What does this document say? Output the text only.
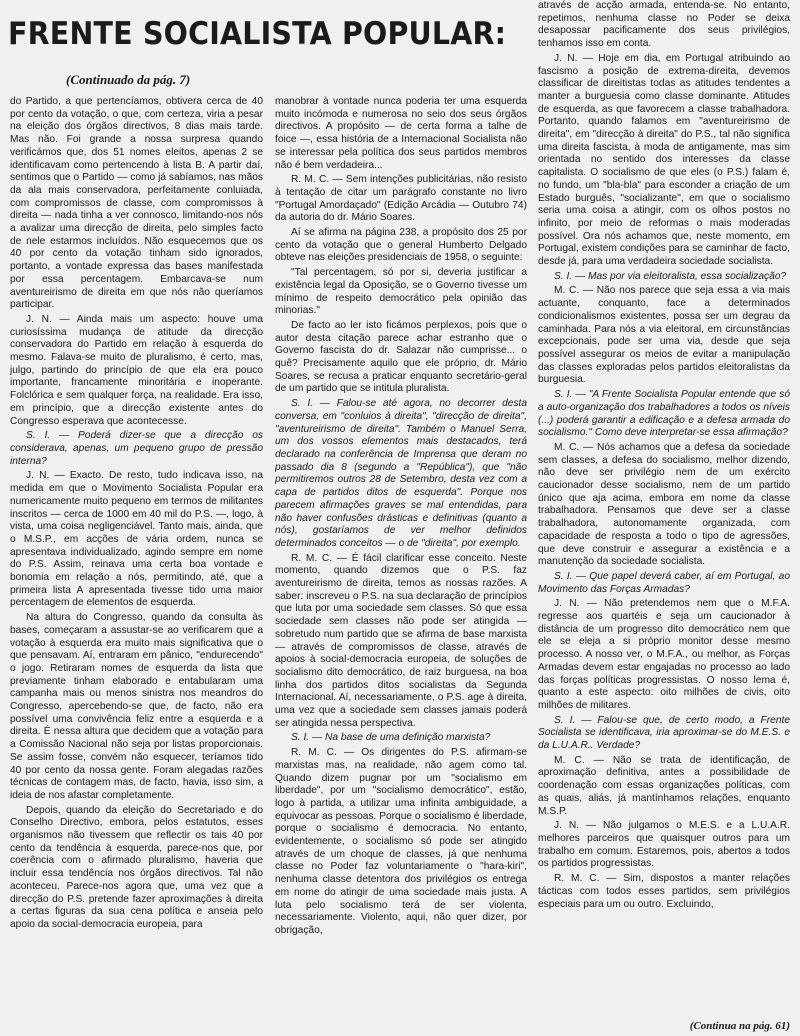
FRENTE SOCIALISTA POPULAR:
(Continuado da pág. 7)

do Partido, a que pertencíamos, obtivera cerca de 40 por cento da votação, o que, com certeza, viria a pesar na eleição dos órgãos directivos, 8 dias mais tarde. Mas não. Foi grande a nossa surpresa quando verificámos que, dos 51 nomes eleitos, apenas 2 se identificavam como pertencendo à lista B. A partir daí, sentimos que o Partido — como já sabíamos, nas mãos da ala mais conservadora, perfeitamente conluiada, com compromissos de classe, com compromissos à direita — nada tinha a ver connosco, limitando-nos nós a avalizar uma direcção de direita, pelo simples facto de nele estarmos incluídos. Não esquecemos que os 40 por cento da votação tinham sido ignorados, portanto, a vontade expressa das bases manifestada por essa percentagem. Embarcava-se num aventureirismo de direita em que nós não queríamos participar.

J. N. — Ainda mais um aspecto: houve uma curiosíssima mudança de atitude da direcção conservadora do Partido em relação à esquerda do mesmo. Falava-se muito de pluralismo, é certo, mas, julgo, partindo do princípio de que ela era pouco importante, francamente minoritária e inoperante. Folclórica e sem qualquer força, na realidade. Era isso, em princípio, que a direcção existente antes do Congresso esperava que acontecesse.

S. I. — Poderá dizer-se que a direcção os considerava, apenas, um pequeno grupo de pressão interna?

J. N. — Exacto. De resto, tudo indicava isso, na medida em que o Movimento Socialista Popular era numericamente muito pequeno em termos de militantes inscritos — cerca de 1000 em 40 mil do P.S. —, logo, à vista, uma coisa negligenciável. Tanto mais, ainda, que o M.S.P., em acções de vária ordem, nunca se apresentava individualizado, agindo sempre em nome do P.S. Assim, reinava uma certa boa vontade e bonomia em relação a nós, permitindo, até, que a primeira lista A apresentada tivesse tido uma maior percentagem de elementos de esquerda.

Na altura do Congresso, quando da consulta às bases, começaram a assustar-se ao verificarem que a votação à esquerda era muito mais significativa que o que pensavam. Aí, entraram em pânico, "endurecendo" o jogo. Retiraram nomes de esquerda da lista que previamente tinham elaborado e entabularam uma campanha mais ou menos sinistra nos meandros do Congresso, apercebendo-se que, de facto, não era possível uma convivência feliz entre a esquerda e a direita. É nessa altura que decidem que a votação para a Comissão Nacional não seja por listas proporcionais. Se assim fosse, convém não esquecer, teríamos tido 40 por cento da nossa gente. Foram alegadas razões técnicas de contagem mas, de facto, havia, isso sim, a ideia de nos afastar completamente.

Depois, quando da eleição do Secretariado e do Conselho Directivo, embora, pelos estatutos, esses organismos não tivessem que reflectir os tais 40 por cento da tendência à esquerda, parece-nos que, por coerência com o afirmado pluralismo, haveria que incluir essa tendência nos órgãos directivos. Tal não aconteceu. Parece-nos agora que, uma vez que a direcção do P.S. pretende fazer aproximações à direita a certas figuras da sua cena política e anseia pelo apoio da social-democracia europeia, para

manobrar à vontade nunca poderia ter uma esquerda muito incómoda e numerosa no seio dos seus órgãos directivos. A propósito — de certa forma a talhe de foice —, essa história de a Internacional Socialista não se interessar pela política dos seus partidos membros não é bem verdadeira...

R. M. C. — Sem intenções publicitárias, não resisto à tentação de citar um parágrafo constante no livro "Portugal Amordaçado" (Edição Arcádia — Outubro 74) da autoria do dr. Mário Soares.

Aí se afirma na página 238, a propósito dos 25 por cento da votação que o general Humberto Delgado obteve nas eleições presidenciais de 1958, o seguinte:

"Tal percentagem, só por si, deveria justificar a existência legal da Oposição, se o Governo tivesse um mínimo de respeito democrático pela opinião das minorias."

De facto ao ler isto ficámos perplexos, pois que o autor desta citação parece achar estranho que o Governo fascista do dr. Salazar não cumprisse... o quê? Precisamente aquilo que ele próprio, dr. Mário Soares, se recusa a praticar enquanto secretário-geral de um partido que se intitula pluralista.

S. I. — Falou-se até agora, no decorrer desta conversa, em "conluios à direita", "direcção de direita", "aventureirismo de direita". Também o Manuel Serra, um dos vossos elementos mais destacados, terá declarado na conferência de Imprensa que deram no passado dia 8 (segundo a "República"), que "não permitiremos outros 28 de Setembro, desta vez com a capa de partidos ditos de esquerda". Porque nos parecem afirmações graves se mal entendidas, para não haver confusões drásticas e definitivas (quanto a nós), gostaríamos de ver melhor definidos determinados conceitos — o de "direita", por exemplo.

R. M. C. — É fácil clarificar esse conceito. Neste momento, quando dizemos que o P.S. faz aventureirismo de direita, temos as nossas razões. A saber: inscreveu o P.S. na sua declaração de princípios que luta por uma sociedade sem classes. Só que essa sociedade sem classes não pode ser atingida — sobretudo num partido que se afirma de base marxista — através de compromissos de classe, através de apoios à social-democracia europeia, de soluções de socialismo dito democrático, de raiz burguesa, na boa linha dos partidos ditos socialistas da Segunda Internacional. Aí, necessariamente, o P.S. age à direita, uma vez que a sociedade sem classes jamais poderá ser atingida nessa perspectiva.

S. I. — Na base de uma definição marxista?

R. M. C. — Os dirigentes do P.S. afirmam-se marxistas mas, na realidade, não agem como tal. Quando dizem pugnar por um "socialismo em liberdade", por um "socialismo democrático", estão, logo à partida, a utilizar uma infinita ambiguidade, a equivocar as pessoas. Porque o socialismo é liberdade, porque o socialismo é democracia. No entanto, evidentemente, o socialismo só pode ser atingido através de um choque de classes, já que nenhuma classe no Poder faz voluntariamente o "hara-kiri", nenhuma classe detentora dos privilégios os entrega em nome do atingir de uma sociedade mais justa. A luta pelo socialismo terá de ser violenta, necessariamente. Violento, aqui, não quer dizer, por obrigação,

através de acção armada, entenda-se. No entanto, repetimos, nenhuma classe no Poder se deixa desapossar pacificamente dos seus privilégios, tenhamos isso em conta.

J. N. — Hoje em dia, em Portugal atribuindo ao fascismo a posição de extrema-direita, devemos classificar de direitistas todas as atitudes tendentes a manter a burguesia como classe dominante. Atitudes de esquerda, as que favorecem a classe trabalhadora. Portanto, quando falamos em "aventureirismo de direita", em "direcção à direita" do P.S., tal não significa uma direita fascista, à moda de antigamente, mas sim orientada no sentido dos interesses da classe capitalista. O socialismo de que eles (o P.S.) falam é, no fundo, um "bla-bla" para esconder a criação de um Estado burguês, "socializante", em que o socialismo seria uma coisa a atingir, com os olhos postos no infinito, por meio de reformas o mais moderadas possível. Ora nós achamos que, neste momento, em Portugal, existem condições para se caminhar de facto, desde já, para uma verdadeira sociedade socialista.

S. I. — Mas por via eleitoralista, essa socialização?

M. C. — Não nos parece que seja essa a via mais actuante, conquanto, face a determinados condicionalismos existentes, possa ser um degrau da caminhada. Para nós a via eleitoral, em circunstâncias excepcionais, pode ser uma via, desde que seja possível assegurar os meios de evitar a manipulação das classes exploradas pelos partidos eleitoralistas da burguesia.

S. I. — "A Frente Socialista Popular entende que só a auto-organização dos trabalhadores a todos os níveis (...) poderá garantir a edificação e a defesa armada do socialismo." Como deve interpretar-se essa afirmação?

M. C. — Nós achamos que a defesa da sociedade sem classes, a defesa do socialismo, melhor dizendo, não deve ser privilégio nem de um exército caucionador desse socialismo, nem de um partido único que aja acima, embora em nome da classe trabalhadora. Pensamos que deve ser a classe trabalhadora, autonomamente organizada, com capacidade de resposta a todo o tipo de agressões, que deve construir e assegurar a existência e a manutenção da sociedade socialista.

S. I. — Que papel deverá caber, aí em Portugal, ao Movimento das Forças Armadas?

J. N. — Não pretendemos nem que o M.F.A. regresse aos quartéis e seja um caucionador à distância de um progresso dito democrático nem que ele se eleja a si próprio monitor desse mesmo processo. A nosso ver, o M.F.A., ou melhor, as Forças Armadas devem estar engajadas no processo ao lado das forças políticas progressistas. O nosso lema é, quanto a este aspecto: oito milhões de civis, oito milhões de militares.

S. I. — Falou-se que, de certo modo, a Frente Socialista se identificava, iria aproximar-se do M.E.S. e da L.U.A.R.. Verdade?

M. C. — Não se trata de identificação, de aproximação definitiva, antes a possibilidade de coordenação com essas organizações políticas, com as quais, aliás, já mantínhamos relações, enquanto M.S.P.

J. N. — Não julgamos o M.E.S. e a L.U.A.R. melhores parceiros que quaisquer outros para um trabalho em comum. Estaremos, pois, abertos a todos os partidos progressistas.

R. M. C. — Sim, dispostos a manter relações tácticas com todos esses partidos, sem privilégios especiais para um ou outro. Excluindo,

(Continua na pág. 61)
